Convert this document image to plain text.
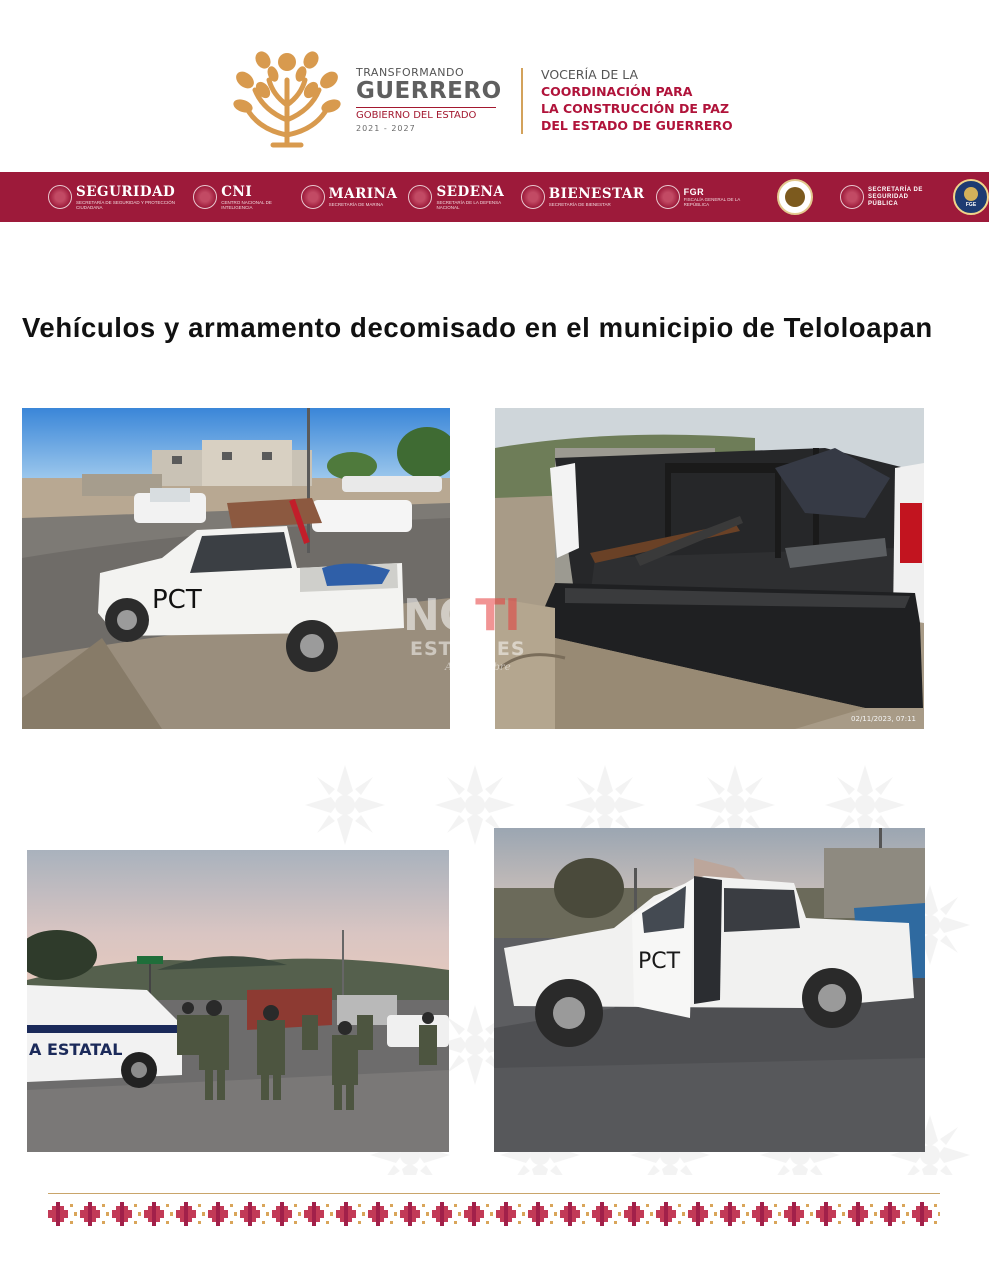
TRANSFORMANDO
GUERRERO
GOBIERNO DEL ESTADO
2021 - 2027
VOCERÍA DE LA
COORDINACIÓN PARA
LA CONSTRUCCIÓN DE PAZ
DEL ESTADO DE GUERRERO
SEGURIDAD
SECRETARÍA DE SEGURIDAD Y PROTECCIÓN CIUDADANA
CNI
CENTRO NACIONAL DE INTELIGENCIA
MARINA
SECRETARÍA DE MARINA
SEDENA
SECRETARÍA DE LA DEFENSA NACIONAL
BIENESTAR
SECRETARÍA DE BIENESTAR
FGR
FISCALÍA GENERAL DE LA REPÚBLICA
SECRETARÍA DE SEGURIDAD PÚBLICA	FGE
Vehículos y armamento decomisado en el municipio de Teloloapan
PCT
02/11/2023, 07:11
NOTI
ESTRESES
Acceso Libre
A ESTATAL
PCT
